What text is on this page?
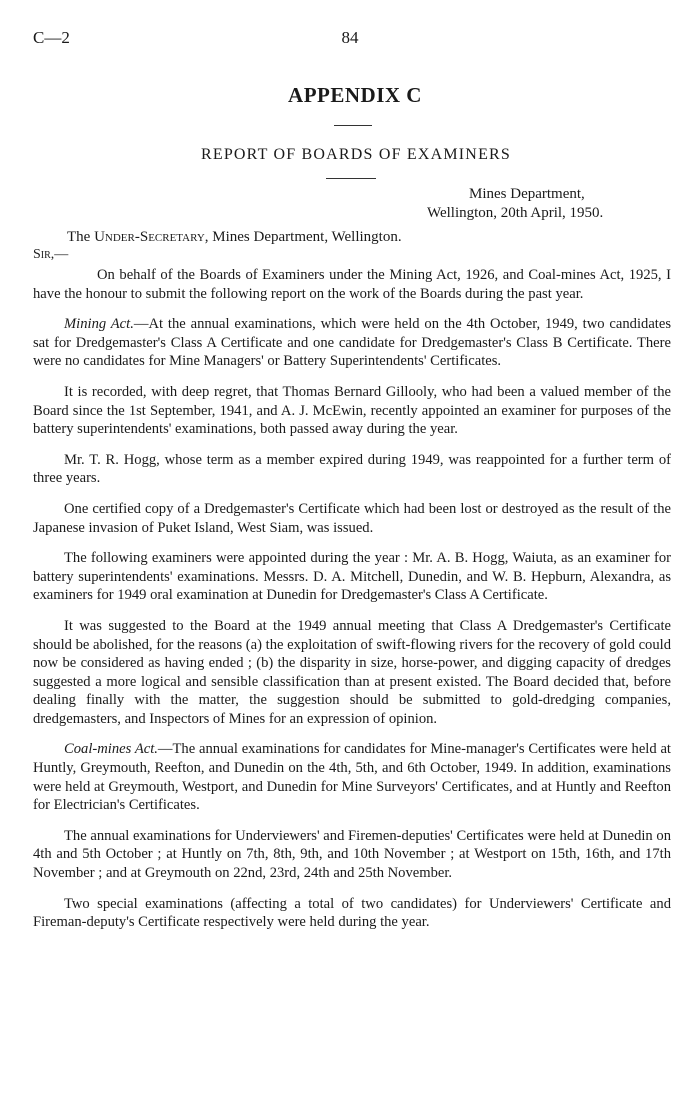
C—2	84
APPENDIX C
REPORT OF BOARDS OF EXAMINERS
Mines Department,
Wellington, 20th April, 1950.
The Under-Secretary, Mines Department, Wellington.
Sir,—

On behalf of the Boards of Examiners under the Mining Act, 1926, and Coal-mines Act, 1925, I have the honour to submit the following report on the work of the Boards during the past year.

Mining Act.—At the annual examinations, which were held on the 4th October, 1949, two candidates sat for Dredgemaster's Class A Certificate and one candidate for Dredgemaster's Class B Certificate. There were no candidates for Mine Managers' or Battery Superintendents' Certificates.

It is recorded, with deep regret, that Thomas Bernard Gillooly, who had been a valued member of the Board since the 1st September, 1941, and A. J. McEwin, recently appointed an examiner for purposes of the battery superintendents' examinations, both passed away during the year.

Mr. T. R. Hogg, whose term as a member expired during 1949, was reappointed for a further term of three years.

One certified copy of a Dredgemaster's Certificate which had been lost or destroyed as the result of the Japanese invasion of Puket Island, West Siam, was issued.

The following examiners were appointed during the year : Mr. A. B. Hogg, Waiuta, as an examiner for battery superintendents' examinations. Messrs. D. A. Mitchell, Dunedin, and W. B. Hepburn, Alexandra, as examiners for 1949 oral examination at Dunedin for Dredgemaster's Class A Certificate.

It was suggested to the Board at the 1949 annual meeting that Class A Dredgemaster's Certificate should be abolished, for the reasons (a) the exploitation of swift-flowing rivers for the recovery of gold could now be considered as having ended ; (b) the disparity in size, horse-power, and digging capacity of dredges suggested a more logical and sensible classification than at present existed. The Board decided that, before dealing finally with the matter, the suggestion should be submitted to gold-dredging companies, dredgemasters, and Inspectors of Mines for an expression of opinion.

Coal-mines Act.—The annual examinations for candidates for Mine-manager's Certificates were held at Huntly, Greymouth, Reefton, and Dunedin on the 4th, 5th, and 6th October, 1949. In addition, examinations were held at Greymouth, Westport, and Dunedin for Mine Surveyors' Certificates, and at Huntly and Reefton for Electrician's Certificates.

The annual examinations for Underviewers' and Firemen-deputies' Certificates were held at Dunedin on 4th and 5th October ; at Huntly on 7th, 8th, 9th, and 10th November ; at Westport on 15th, 16th, and 17th November ; and at Greymouth on 22nd, 23rd, 24th and 25th November.

Two special examinations (affecting a total of two candidates) for Underviewers' Certificate and Fireman-deputy's Certificate respectively were held during the year.
